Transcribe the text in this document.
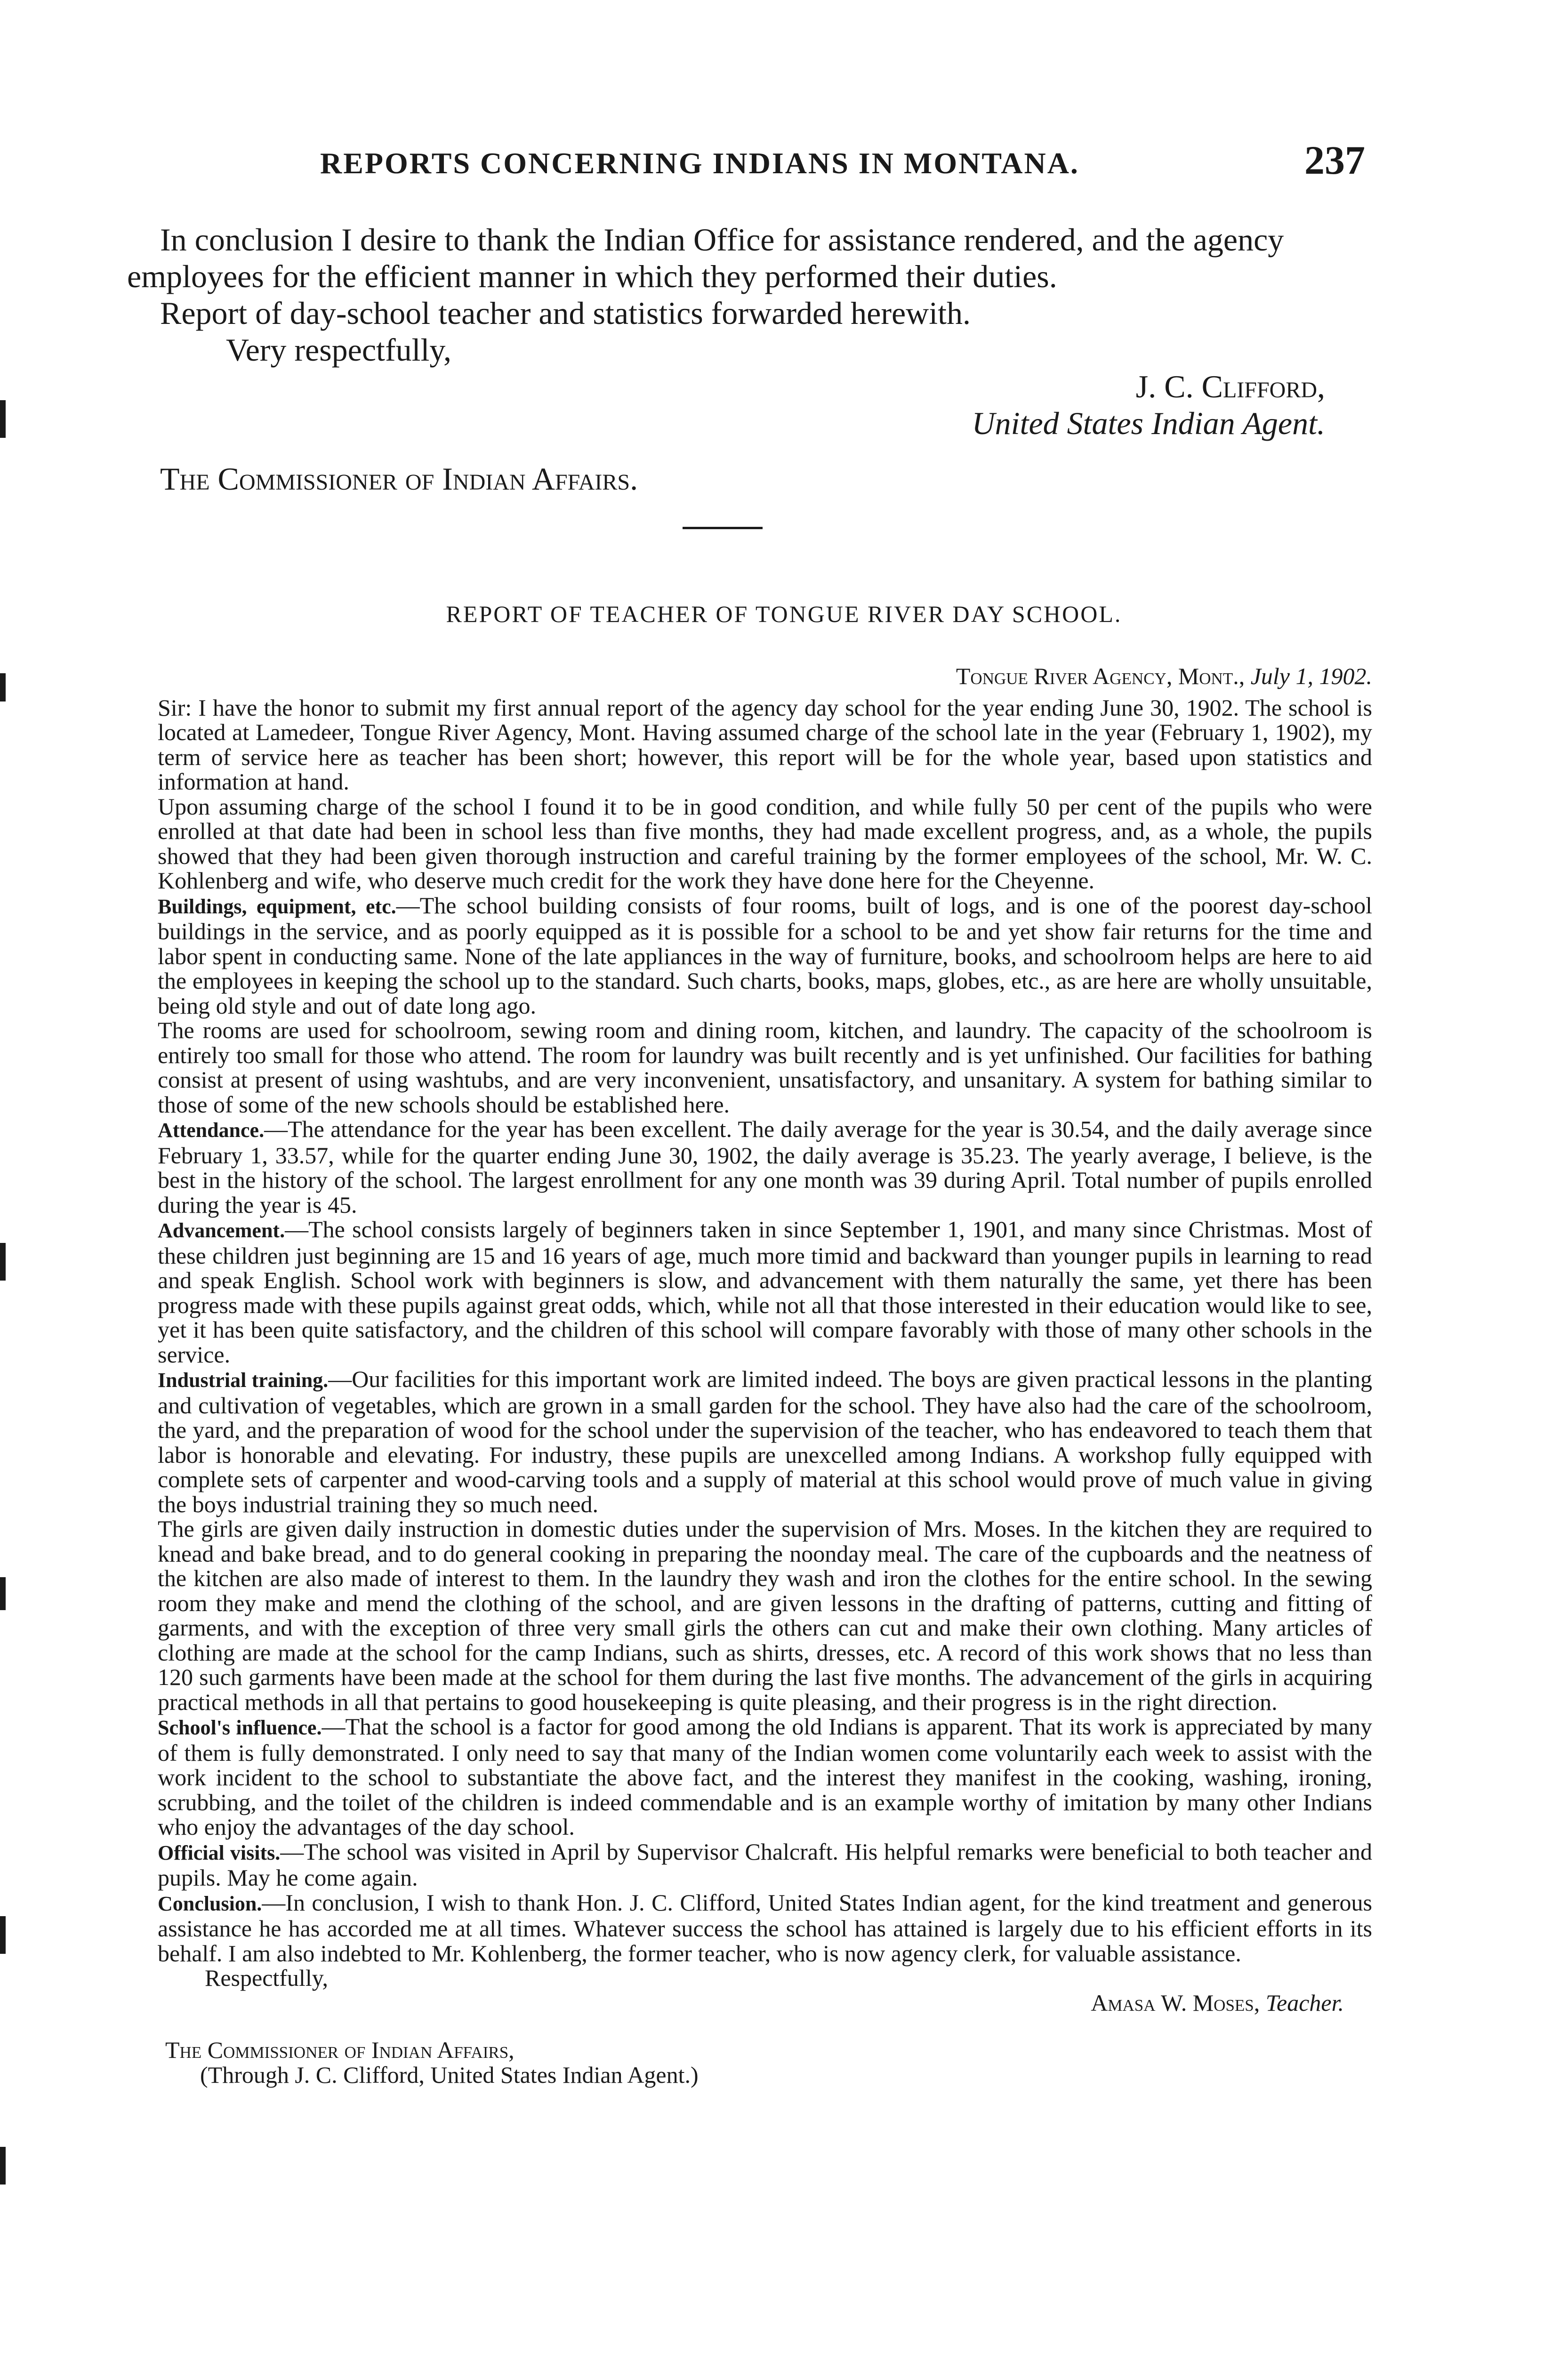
REPORTS CONCERNING INDIANS IN MONTANA.	237

In conclusion I desire to thank the Indian Office for assistance rendered, and the agency employees for the efficient manner in which they performed their duties.

Report of day-school teacher and statistics forwarded herewith.

Very respectfully,

J. C. Clifford,

United States Indian Agent.

The Commissioner of Indian Affairs.

REPORT OF TEACHER OF TONGUE RIVER DAY SCHOOL.

Tongue River Agency, Mont., July 1, 1902.

Sir: I have the honor to submit my first annual report of the agency day school for the year ending June 30, 1902. The school is located at Lamedeer, Tongue River Agency, Mont. Having assumed charge of the school late in the year (February 1, 1902), my term of service here as teacher has been short; however, this report will be for the whole year, based upon statistics and information at hand.

Upon assuming charge of the school I found it to be in good condition, and while fully 50 per cent of the pupils who were enrolled at that date had been in school less than five months, they had made excellent progress, and, as a whole, the pupils showed that they had been given thorough instruction and careful training by the former employees of the school, Mr. W. C. Kohlenberg and wife, who deserve much credit for the work they have done here for the Cheyenne.

Buildings, equipment, etc.—The school building consists of four rooms, built of logs, and is one of the poorest day-school buildings in the service, and as poorly equipped as it is possible for a school to be and yet show fair returns for the time and labor spent in conducting same. None of the late appliances in the way of furniture, books, and schoolroom helps are here to aid the employees in keeping the school up to the standard. Such charts, books, maps, globes, etc., as are here are wholly unsuitable, being old style and out of date long ago.

The rooms are used for schoolroom, sewing room and dining room, kitchen, and laundry. The capacity of the schoolroom is entirely too small for those who attend. The room for laundry was built recently and is yet unfinished. Our facilities for bathing consist at present of using washtubs, and are very inconvenient, unsatisfactory, and unsanitary. A system for bathing similar to those of some of the new schools should be established here.

Attendance.—The attendance for the year has been excellent. The daily average for the year is 30.54, and the daily average since February 1, 33.57, while for the quarter ending June 30, 1902, the daily average is 35.23. The yearly average, I believe, is the best in the history of the school. The largest enrollment for any one month was 39 during April. Total number of pupils enrolled during the year is 45.

Advancement.—The school consists largely of beginners taken in since September 1, 1901, and many since Christmas. Most of these children just beginning are 15 and 16 years of age, much more timid and backward than younger pupils in learning to read and speak English. School work with beginners is slow, and advancement with them naturally the same, yet there has been progress made with these pupils against great odds, which, while not all that those interested in their education would like to see, yet it has been quite satisfactory, and the children of this school will compare favorably with those of many other schools in the service.

Industrial training.—Our facilities for this important work are limited indeed. The boys are given practical lessons in the planting and cultivation of vegetables, which are grown in a small garden for the school. They have also had the care of the schoolroom, the yard, and the preparation of wood for the school under the supervision of the teacher, who has endeavored to teach them that labor is honorable and elevating. For industry, these pupils are unexcelled among Indians. A workshop fully equipped with complete sets of carpenter and wood-carving tools and a supply of material at this school would prove of much value in giving the boys industrial training they so much need.

The girls are given daily instruction in domestic duties under the supervision of Mrs. Moses. In the kitchen they are required to knead and bake bread, and to do general cooking in preparing the noonday meal. The care of the cupboards and the neatness of the kitchen are also made of interest to them. In the laundry they wash and iron the clothes for the entire school. In the sewing room they make and mend the clothing of the school, and are given lessons in the drafting of patterns, cutting and fitting of garments, and with the exception of three very small girls the others can cut and make their own clothing. Many articles of clothing are made at the school for the camp Indians, such as shirts, dresses, etc. A record of this work shows that no less than 120 such garments have been made at the school for them during the last five months. The advancement of the girls in acquiring practical methods in all that pertains to good housekeeping is quite pleasing, and their progress is in the right direction.

School's influence.—That the school is a factor for good among the old Indians is apparent. That its work is appreciated by many of them is fully demonstrated. I only need to say that many of the Indian women come voluntarily each week to assist with the work incident to the school to substantiate the above fact, and the interest they manifest in the cooking, washing, ironing, scrubbing, and the toilet of the children is indeed commendable and is an example worthy of imitation by many other Indians who enjoy the advantages of the day school.

Official visits.—The school was visited in April by Supervisor Chalcraft. His helpful remarks were beneficial to both teacher and pupils. May he come again.

Conclusion.—In conclusion, I wish to thank Hon. J. C. Clifford, United States Indian agent, for the kind treatment and generous assistance he has accorded me at all times. Whatever success the school has attained is largely due to his efficient efforts in its behalf. I am also indebted to Mr. Kohlenberg, the former teacher, who is now agency clerk, for valuable assistance.

Respectfully,

Amasa W. Moses, Teacher.

The Commissioner of Indian Affairs,

(Through J. C. Clifford, United States Indian Agent.)
